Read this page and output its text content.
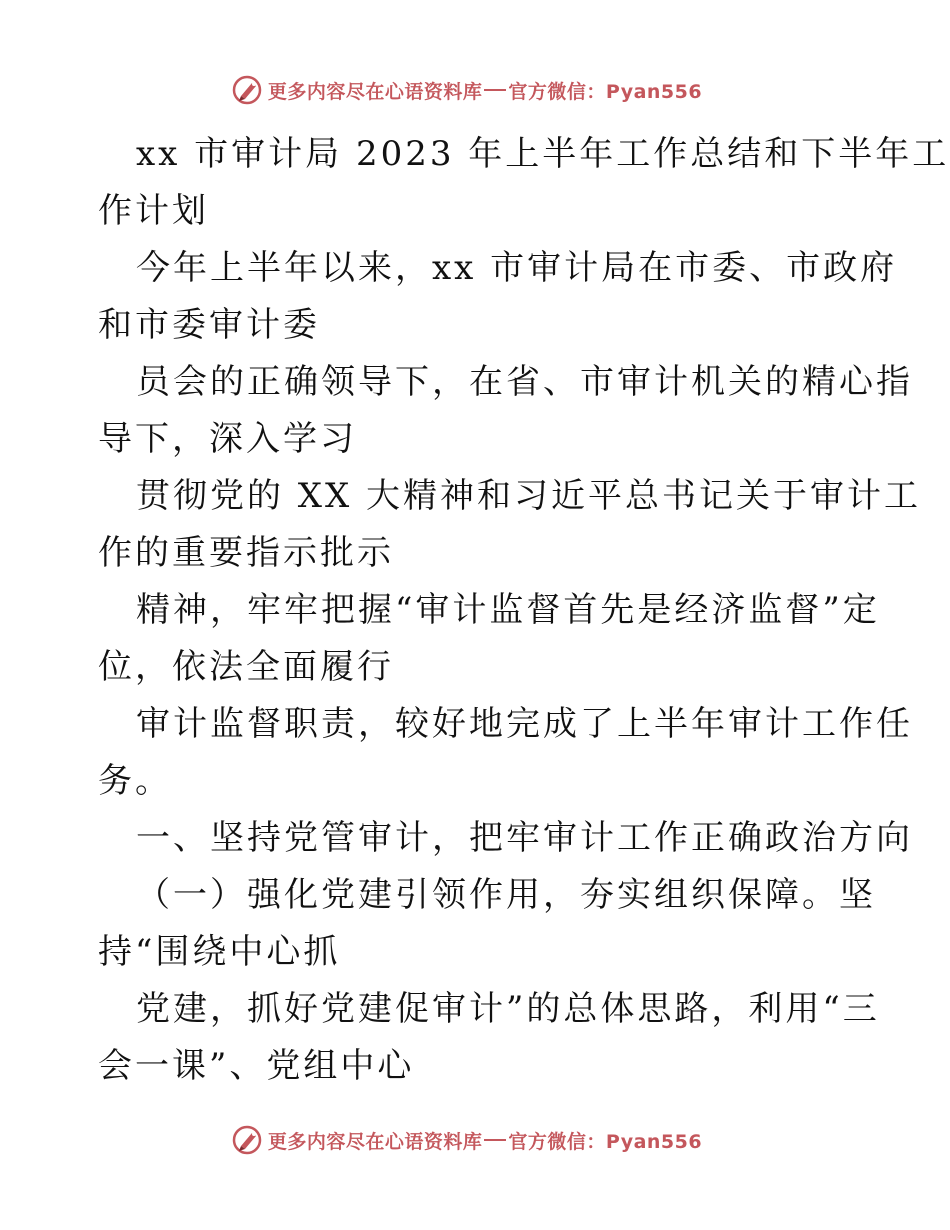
更多内容尽在心语资料库 官方微信：Pyan556

xx 市审计局 2023 年上半年工作总结和下半年工
作计划

今年上半年以来，xx 市审计局在市委、市政府
和市委审计委

员会的正确领导下，在省、市审计机关的精心指
导下，深入学习

贯彻党的 XX 大精神和习近平总书记关于审计工
作的重要指示批示

精神，牢牢把握“审计监督首先是经济监督”定
位，依法全面履行

审计监督职责，较好地完成了上半年审计工作任
务。

一、坚持党管审计，把牢审计工作正确政治方向

（一）强化党建引领作用，夯实组织保障。坚
持“围绕中心抓

党建，抓好党建促审计”的总体思路，利用“三
会一课”、党组中心

更多内容尽在心语资料库 官方微信：Pyan556
